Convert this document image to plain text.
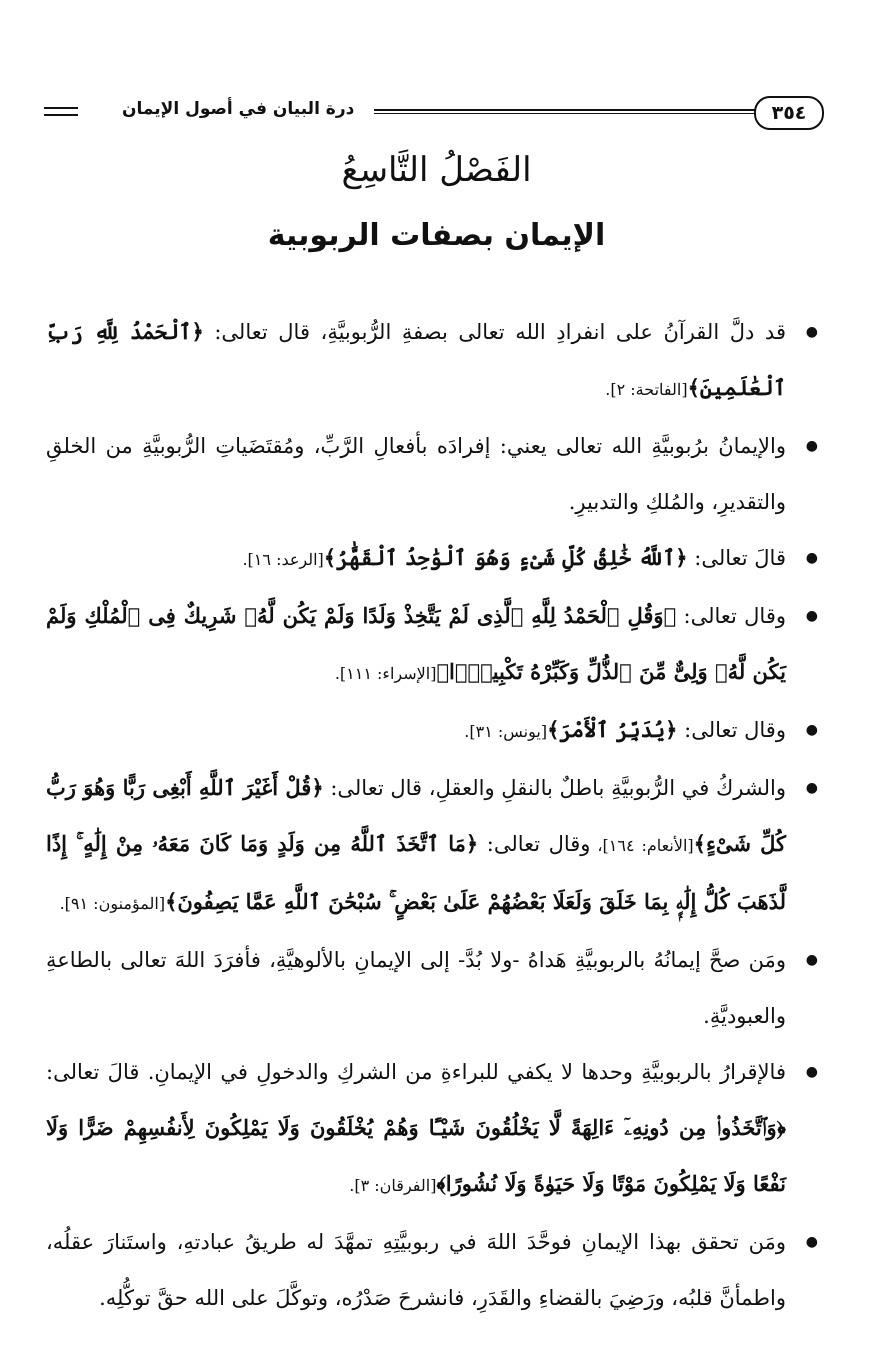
٣٥٤
درة البيان في أصول الإيمان
الفَصْلُ التَّاسِعُ
الإيمان بصفات الربوبية
● قد دلَّ القرآنُ على انفرادِ الله تعالى بصفةِ الرُّبوبيَّةِ، قال تعالى: ﴿ٱلْحَمْدُ لِلَّهِ رَبِّ ٱلْعَٰلَمِينَ﴾[الفاتحة: ٢].
● والإيمانُ برُبوبيَّةِ الله تعالى يعني: إفرادَه بأفعالِ الرَّبِّ، ومُقتَضَياتِ الرُّبوبيَّةِ من الخلقِ والتقديرِ، والمُلكِ والتدبيرِ.
● قالَ تعالى: ﴿ٱللَّهُ خَٰلِقُ كُلِّ شَىْءٍ وَهُوَ ٱلْوَٰحِدُ ٱلْقَهَّٰرُ﴾[الرعد: ١٦].
● وقال تعالى: ﴿وَقُلِ ٱلْحَمْدُ لِلَّهِ ٱلَّذِى لَمْ يَتَّخِذْ وَلَدًا وَلَمْ يَكُن لَّهُۥ شَرِيكٌ فِى ٱلْمُلْكِ وَلَمْ يَكُن لَّهُۥ وَلِىٌّ مِّنَ ٱلذُّلِّ وَكَبِّرْهُ تَكْبِيرًۢا﴾[الإسراء: ١١١].
● وقال تعالى: ﴿يُدَبِّرُ ٱلْأَمْرَ﴾[يونس: ٣١].
● والشركُ في الرُّبوبيَّةِ باطلٌ بالنقلِ والعقلِ، قال تعالى: ﴿قُلْ أَغَيْرَ ٱللَّهِ أَبْغِى رَبًّا وَهُوَ رَبُّ كُلِّ شَىْءٍ﴾[الأنعام: ١٦٤]، وقال تعالى: ﴿مَا ٱتَّخَذَ ٱللَّهُ مِن وَلَدٍ وَمَا كَانَ مَعَهُۥ مِنْ إِلَٰهٍ ۚ إِذًا لَّذَهَبَ كُلُّ إِلَٰهٍۭ بِمَا خَلَقَ وَلَعَلَا بَعْضُهُمْ عَلَىٰ بَعْضٍ ۚ سُبْحَٰنَ ٱللَّهِ عَمَّا يَصِفُونَ﴾[المؤمنون: ٩١].
● ومَن صحَّ إيمانُهُ بالربوبيَّةِ هَداهُ -ولا بُدَّ- إلى الإيمانِ بالألوهيَّةِ، فأفرَدَ اللهَ تعالى بالطاعةِ والعبوديَّةِ.
● فالإقرارُ بالربوبيَّةِ وحدها لا يكفي للبراءةِ من الشركِ والدخولِ في الإيمانِ. قالَ تعالى: ﴿وَٱتَّخَذُوا۟ مِن دُونِهِۦٓ ءَالِهَةً لَّا يَخْلُقُونَ شَيْـًٔا وَهُمْ يُخْلَقُونَ وَلَا يَمْلِكُونَ لِأَنفُسِهِمْ ضَرًّا وَلَا نَفْعًا وَلَا يَمْلِكُونَ مَوْتًا وَلَا حَيَوٰةً وَلَا نُشُورًا﴾[الفرقان: ٣].
● ومَن تحقق بهذا الإيمانِ فوحَّدَ اللهَ في ربوبيَّتِهِ تمهَّدَ له طريقُ عبادتهِ، واستَنارَ عقلُه، واطمأنَّ قلبُه، ورَضِيَ بالقضاءِ والقَدَرِ، فانشرحَ صَدْرُه، وتوكَّلَ على الله حقَّ توكُّلِه.
